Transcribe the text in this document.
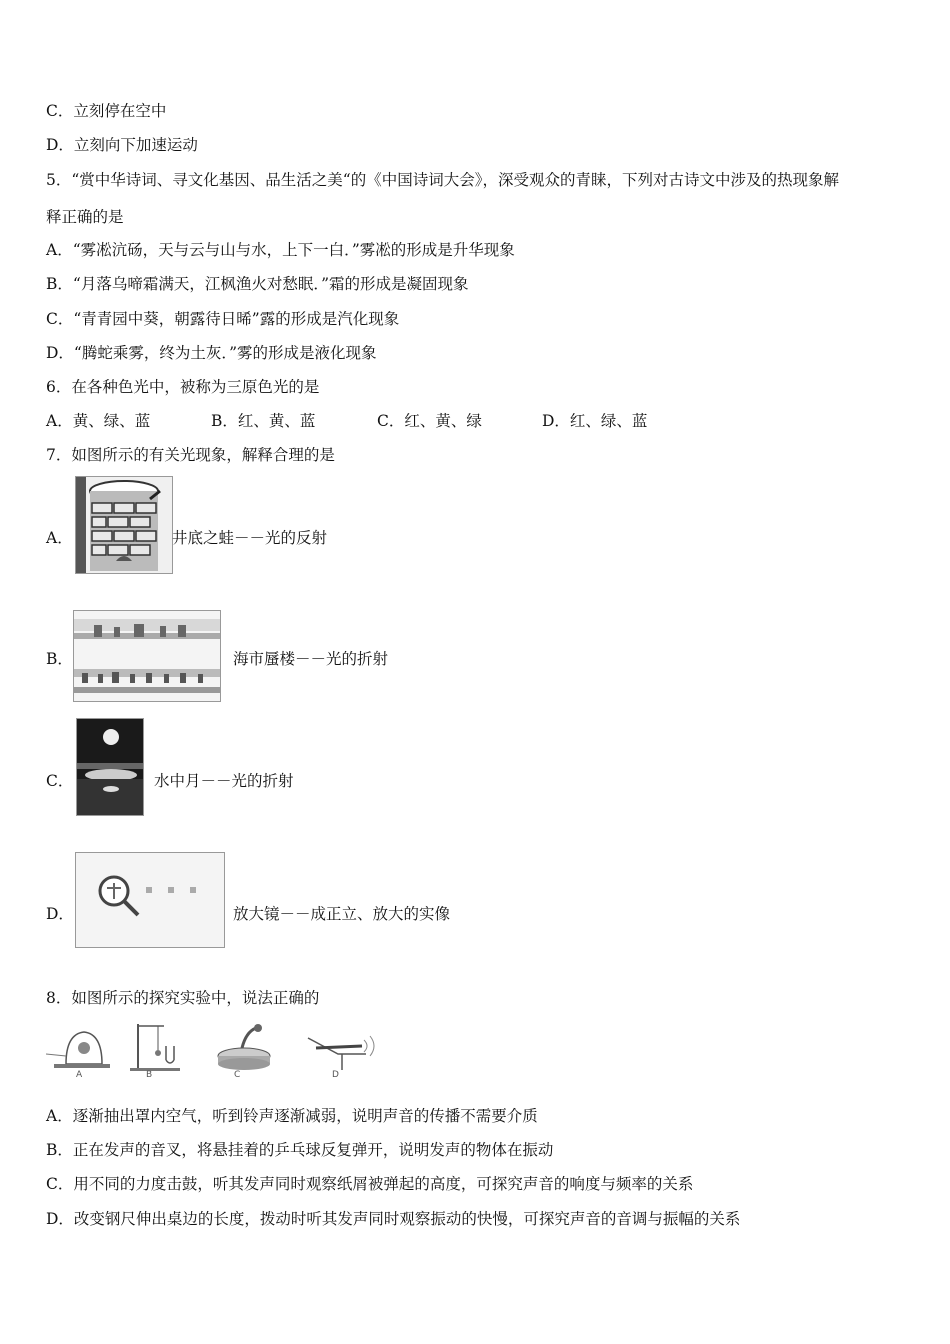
C．立刻停在空中
D．立刻向下加速运动
5．“赏中华诗词、寻文化基因、品生活之美“的《中国诗词大会》，深受观众的青睐，下列对古诗文中涉及的热现象解
释正确的是
A．“雾凇沆砀，天与云与山与水，上下一白．”雾凇的形成是升华现象
B．“月落乌啼霜满天，江枫渔火对愁眠．”霜的形成是凝固现象
C．“青青园中葵，朝露待日晞”露的形成是汽化现象
D．“腾蛇乘雾，终为土灰．”雾的形成是液化现象
6．在各种色光中，被称为三原色光的是
A．黄、绿、蓝	B．红、黄、蓝	C．红、黄、绿	D．红、绿、蓝
7．如图所示的有关光现象，解释合理的是
A．	井底之蛙－－光的反射
B．	海市蜃楼－－光的折射
C．	水中月－－光的折射
D．	放大镜－－成正立、放大的实像
8．如图所示的探究实验中，说法正确的
A	B	C	D
A．逐渐抽出罩内空气，听到铃声逐渐减弱，说明声音的传播不需要介质
B．正在发声的音叉，将悬挂着的乒乓球反复弹开，说明发声的物体在振动
C．用不同的力度击鼓，听其发声同时观察纸屑被弹起的高度，可探究声音的响度与频率的关系
D．改变钢尺伸出桌边的长度，拨动时听其发声同时观察振动的快慢，可探究声音的音调与振幅的关系
